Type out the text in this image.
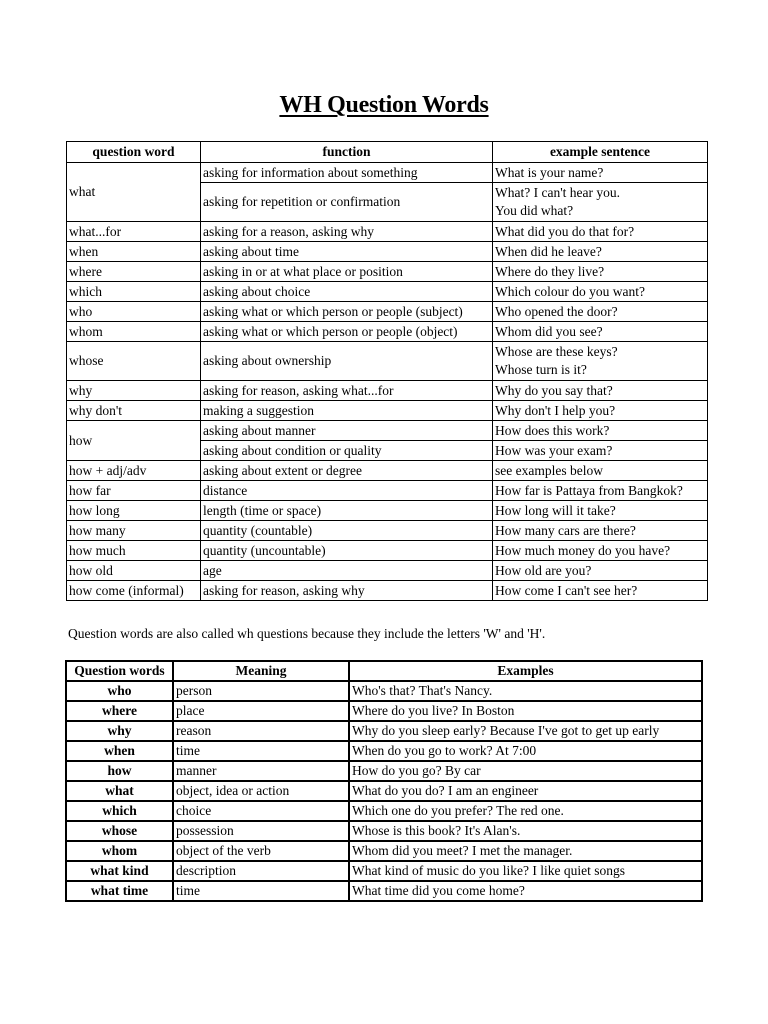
WH Question Words
question word	function	example sentence
what	asking for information about something	What is your name?
	asking for repetition or confirmation	What? I can't hear you.
You did what?
what...for	asking for a reason, asking why	What did you do that for?
when	asking about time	When did he leave?
where	asking in or at what place or position	Where do they live?
which	asking about choice	Which colour do you want?
who	asking what or which person or people (subject)	Who opened the door?
whom	asking what or which person or people (object)	Whom did you see?
whose	asking about ownership	Whose are these keys?
Whose turn is it?
why	asking for reason, asking what...for	Why do you say that?
why don't	making a suggestion	Why don't I help you?
how	asking about manner	How does this work?
	asking about condition or quality	How was your exam?
how + adj/adv	asking about extent or degree	see examples below
how far	distance	How far is Pattaya from Bangkok?
how long	length (time or space)	How long will it take?
how many	quantity (countable)	How many cars are there?
how much	quantity (uncountable)	How much money do you have?
how old	age	How old are you?
how come (informal)	asking for reason, asking why	How come I can't see her?
Question words are also called wh questions because they include the letters 'W' and 'H'.
Question words	Meaning	Examples
who	person	Who's that? That's Nancy.
where	place	Where do you live? In Boston
why	reason	Why do you sleep early? Because I've got to get up early
when	time	When do you go to work? At 7:00
how	manner	How do you go? By car
what	object, idea or action	What do you do? I am an engineer
which	choice	Which one do you prefer? The red one.
whose	possession	Whose is this book? It's Alan's.
whom	object of the verb	Whom did you meet? I met the manager.
what kind	description	What kind of music do you like? I like quiet songs
what time	time	What time did you come home?
